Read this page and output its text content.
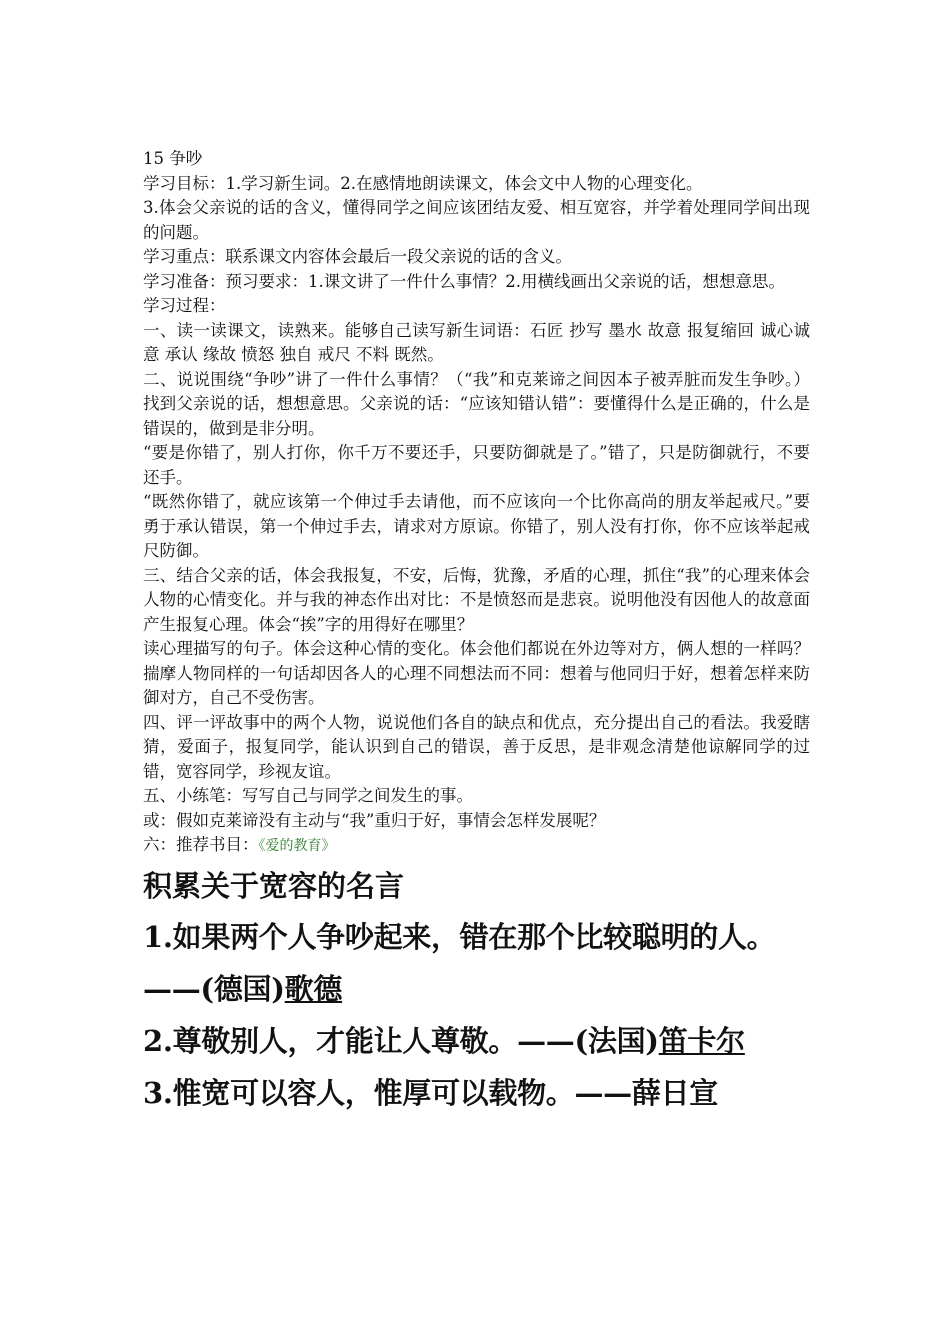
15 争吵

学习目标：1.学习新生词。2.在感情地朗读课文，体会文中人物的心理变化。

3.体会父亲说的话的含义，懂得同学之间应该团结友爱、相互宽容，并学着处理同学间出现的问题。

学习重点：联系课文内容体会最后一段父亲说的话的含义。

学习准备：预习要求：1.课文讲了一件什么事情？2.用横线画出父亲说的话，想想意思。

学习过程：

一、读一读课文，读熟来。能够自己读写新生词语：石匠 抄写 墨水 故意 报复缩回 诚心诚意 承认 缘故 愤怒 独自 戒尺 不料 既然。

二、说说围绕“争吵”讲了一件什么事情？（“我”和克莱谛之间因本子被弄脏而发生争吵。）找到父亲说的话，想想意思。父亲说的话：“应该知错认错”：要懂得什么是正确的，什么是错误的，做到是非分明。

“要是你错了，别人打你，你千万不要还手，只要防御就是了。”错了，只是防御就行，不要还手。

“既然你错了，就应该第一个伸过手去请他，而不应该向一个比你高尚的朋友举起戒尺。”要勇于承认错误，第一个伸过手去，请求对方原谅。你错了，别人没有打你，你不应该举起戒尺防御。

三、结合父亲的话，体会我报复，不安，后悔，犹豫，矛盾的心理，抓住“我”的心理来体会人物的心情变化。并与我的神态作出对比：不是愤怒而是悲哀。说明他没有因他人的故意面产生报复心理。体会“挨”字的用得好在哪里？

读心理描写的句子。体会这种心情的变化。体会他们都说在外边等对方，俩人想的一样吗？揣摩人物同样的一句话却因各人的心理不同想法而不同：想着与他同归于好，想着怎样来防御对方，自己不受伤害。

四、评一评故事中的两个人物，说说他们各自的缺点和优点，充分提出自己的看法。我爱瞎猜，爱面子，报复同学，能认识到自己的错误，善于反思，是非观念清楚他谅解同学的过错，宽容同学，珍视友谊。

五、小练笔：写写自己与同学之间发生的事。

或：假如克莱谛没有主动与“我”重归于好，事情会怎样发展呢？

六：推荐书目：《爱的教育》

积累关于宽容的名言

1.如果两个人争吵起来，错在那个比较聪明的人。——(德国)歌德

2.尊敬别人，才能让人尊敬。——(法国)笛卡尔

3.惟宽可以容人，惟厚可以载物。——薛日宣
